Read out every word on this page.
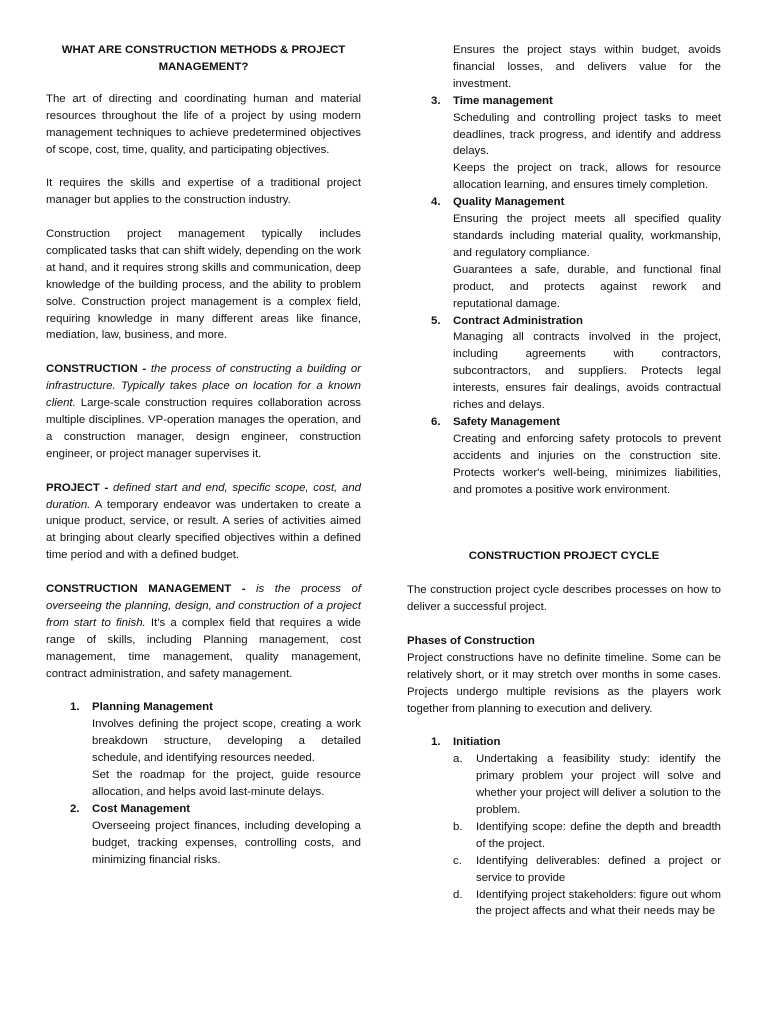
WHAT ARE CONSTRUCTION METHODS & PROJECT MANAGEMENT?

The art of directing and coordinating human and material resources throughout the life of a project by using modern management techniques to achieve predetermined objectives of scope, cost, time, quality, and participating objectives.

It requires the skills and expertise of a traditional project manager but applies to the construction industry.

Construction project management typically includes complicated tasks that can shift widely, depending on the work at hand, and it requires strong skills and communication, deep knowledge of the building process, and the ability to problem solve. Construction project management is a complex field, requiring knowledge in many different areas like finance, mediation, law, business, and more.

CONSTRUCTION - the process of constructing a building or infrastructure. Typically takes place on location for a known client. Large-scale construction requires collaboration across multiple disciplines. VP-operation manages the operation, and a construction manager, design engineer, construction engineer, or project manager supervises it.

PROJECT - defined start and end, specific scope, cost, and duration. A temporary endeavor was undertaken to create a unique product, service, or result. A series of activities aimed at bringing about clearly specified objectives within a defined time period and with a defined budget.

CONSTRUCTION MANAGEMENT - is the process of overseeing the planning, design, and construction of a project from start to finish. It’s a complex field that requires a wide range of skills, including Planning management, cost management, time management, quality management, contract administration, and safety management.

1.	Planning Management

Involves defining the project scope, creating a work breakdown structure, developing a detailed schedule, and identifying resources needed.

Set the roadmap for the project, guide resource allocation, and helps avoid last-minute delays.

2.	Cost Management

Overseeing project finances, including developing a budget, tracking expenses, controlling costs, and minimizing financial risks.

Ensures the project stays within budget, avoids financial losses, and delivers value for the investment.

3.	Time management

Scheduling and controlling project tasks to meet deadlines, track progress, and identify and address delays.

Keeps the project on track, allows for resource allocation learning, and ensures timely completion.

4.	Quality Management

Ensuring the project meets all specified quality standards including material quality, workmanship, and regulatory compliance.

Guarantees a safe, durable, and functional final product, and protects against rework and reputational damage.

5.	Contract Administration

Managing all contracts involved in the project, including agreements with contractors, subcontractors, and suppliers. Protects legal interests, ensures fair dealings, avoids contractual riches and delays.

6.	Safety Management

Creating and enforcing safety protocols to prevent accidents and injuries on the construction site. Protects worker's well-being, minimizes liabilities, and promotes a positive work environment.

CONSTRUCTION PROJECT CYCLE

The construction project cycle describes processes on how to deliver a successful project.

Phases of Construction

Project constructions have no definite timeline. Some can be relatively short, or it may stretch over months in some cases. Projects undergo multiple revisions as the players work together from planning to execution and delivery.

1.	Initiation
a.	Undertaking a feasibility study: identify the primary problem your project will solve and whether your project will deliver a solution to the problem.
b.	Identifying scope: define the depth and breadth of the project.
c.	Identifying deliverables: defined a project or service to provide
d.	Identifying project stakeholders: figure out whom the project affects and what their needs may be
